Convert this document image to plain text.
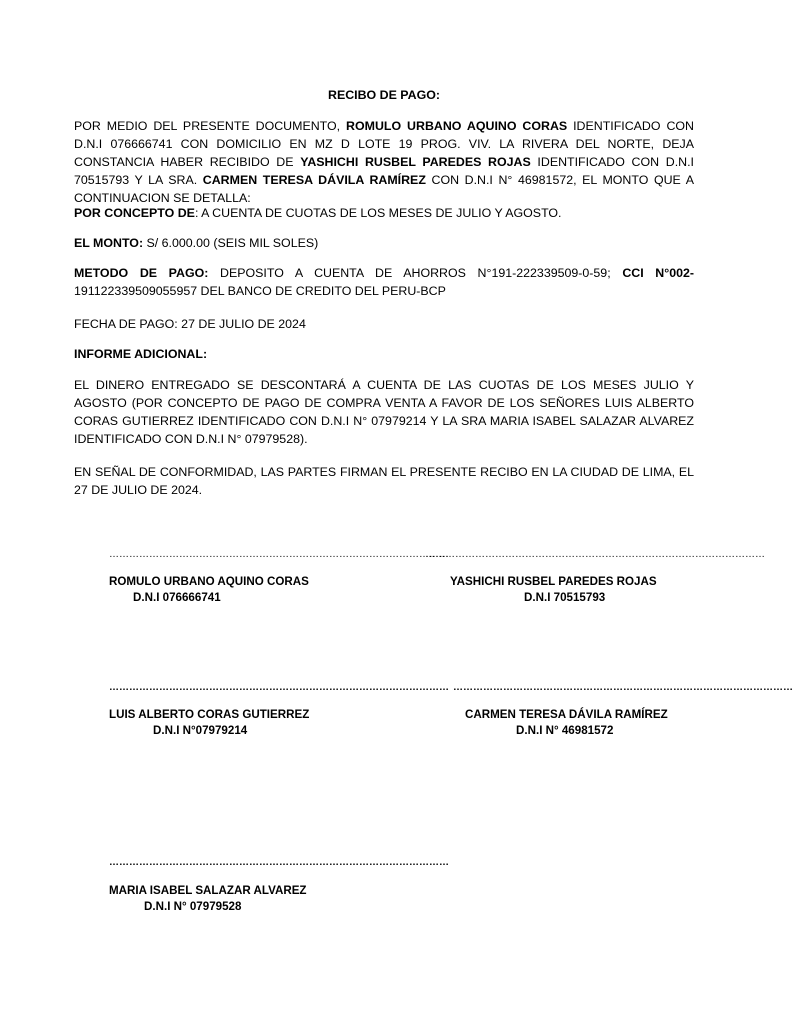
RECIBO DE PAGO:

POR MEDIO DEL PRESENTE DOCUMENTO, ROMULO URBANO AQUINO CORAS IDENTIFICADO CON D.N.I 076666741 CON DOMICILIO EN MZ D LOTE 19 PROG. VIV. LA RIVERA DEL NORTE, DEJA CONSTANCIA HABER RECIBIDO DE YASHICHI RUSBEL PAREDES ROJAS IDENTIFICADO CON D.N.I 70515793 Y LA SRA. CARMEN TERESA DÁVILA RAMÍREZ CON D.N.I N° 46981572, EL MONTO QUE A CONTINUACION SE DETALLA:

POR CONCEPTO DE: A CUENTA DE CUOTAS DE LOS MESES DE JULIO Y AGOSTO.

EL MONTO: S/ 6.000.00 (SEIS MIL SOLES)

METODO DE PAGO: DEPOSITO A CUENTA DE AHORROS N°191-222339509-0-59; CCI N°002-191122339509055957 DEL BANCO DE CREDITO DEL PERU-BCP

FECHA DE PAGO: 27 DE JULIO DE 2024

INFORME ADICIONAL:

EL DINERO ENTREGADO SE DESCONTARÁ A CUENTA DE LAS CUOTAS DE LOS MESES JULIO Y AGOSTO (POR CONCEPTO DE PAGO DE COMPRA VENTA A FAVOR DE LOS SEÑORES LUIS ALBERTO CORAS GUTIERREZ IDENTIFICADO CON D.N.I N° 07979214 Y LA SRA MARIA ISABEL SALAZAR ALVAREZ IDENTIFICADO CON D.N.I N° 07979528).

EN SEÑAL DE CONFORMIDAD, LAS PARTES FIRMAN EL PRESENTE RECIBO EN LA CIUDAD DE LIMA, EL 27 DE JULIO DE 2024.

…………………………………………………………………………………………
ROMULO URBANO AQUINO CORAS
D.N.I 076666741
…………………………………………………………………………………………
YASHICHI RUSBEL PAREDES ROJAS
D.N.I 70515793
…………………………………………………………………………………………
LUIS ALBERTO CORAS GUTIERREZ
D.N.I N°07979214
…………………………………………………………………………………………
CARMEN TERESA DÁVILA RAMÍREZ
D.N.I N° 46981572
…………………………………………………………………………………………
MARIA ISABEL SALAZAR ALVAREZ
D.N.I N° 07979528
